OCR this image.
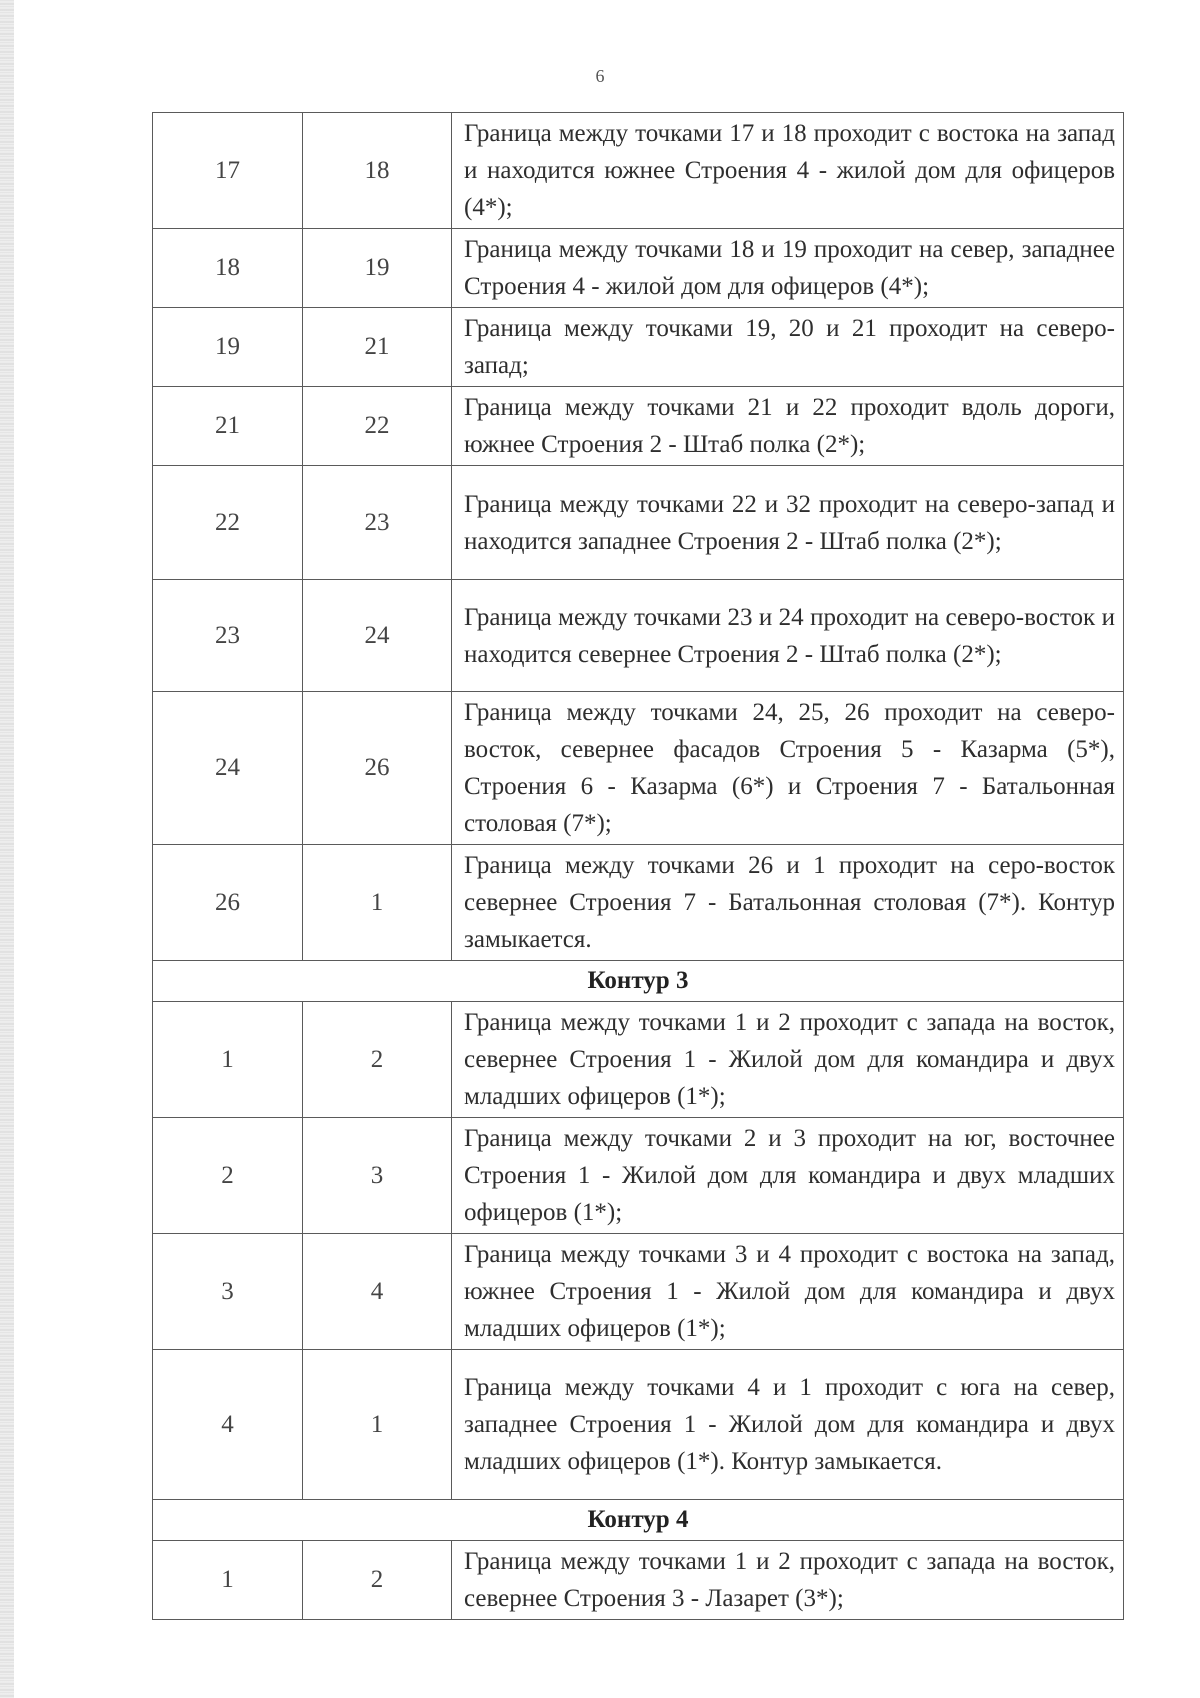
6
17	18	Граница между точками 17 и 18 проходит с востока на запад и находится южнее Строения 4 - жилой дом для офицеров (4*);
18	19	Граница между точками 18 и 19 проходит на север, западнее Строения 4 - жилой дом для офицеров (4*);
19	21	Граница между точками 19, 20 и 21 проходит на северо-запад;
21	22	Граница между точками 21 и 22 проходит вдоль дороги, южнее Строения 2 - Штаб полка (2*);
22	23	Граница между точками 22 и 32 проходит на северо-запад и находится западнее Строения 2 - Штаб полка (2*);
23	24	Граница между точками 23 и 24 проходит на северо-восток и находится севернее Строения 2 - Штаб полка (2*);
24	26	Граница между точками 24, 25, 26 проходит на северо-восток, севернее фасадов Строения 5 - Казарма (5*), Строения 6 - Казарма (6*) и Строения 7 - Батальонная столовая (7*);
26	1	Граница между точками 26 и 1 проходит на серо-восток севернее Строения 7 - Батальонная столовая (7*). Контур замыкается.
Контур 3		
1	2	Граница между точками 1 и 2 проходит с запада на восток, севернее Строения 1 - Жилой дом для командира и двух младших офицеров (1*);
2	3	Граница между точками 2 и 3 проходит на юг, восточнее Строения 1 - Жилой дом для командира и двух младших офицеров (1*);
3	4	Граница между точками 3 и 4 проходит с востока на запад, южнее Строения 1 - Жилой дом для командира и двух младших офицеров (1*);
4	1	Граница между точками 4 и 1 проходит с юга на север, западнее Строения 1 - Жилой дом для командира и двух младших офицеров (1*). Контур замыкается.
Контур 4		
1	2	Граница между точками 1 и 2 проходит с запада на восток, севернее Строения 3 - Лазарет (3*);
